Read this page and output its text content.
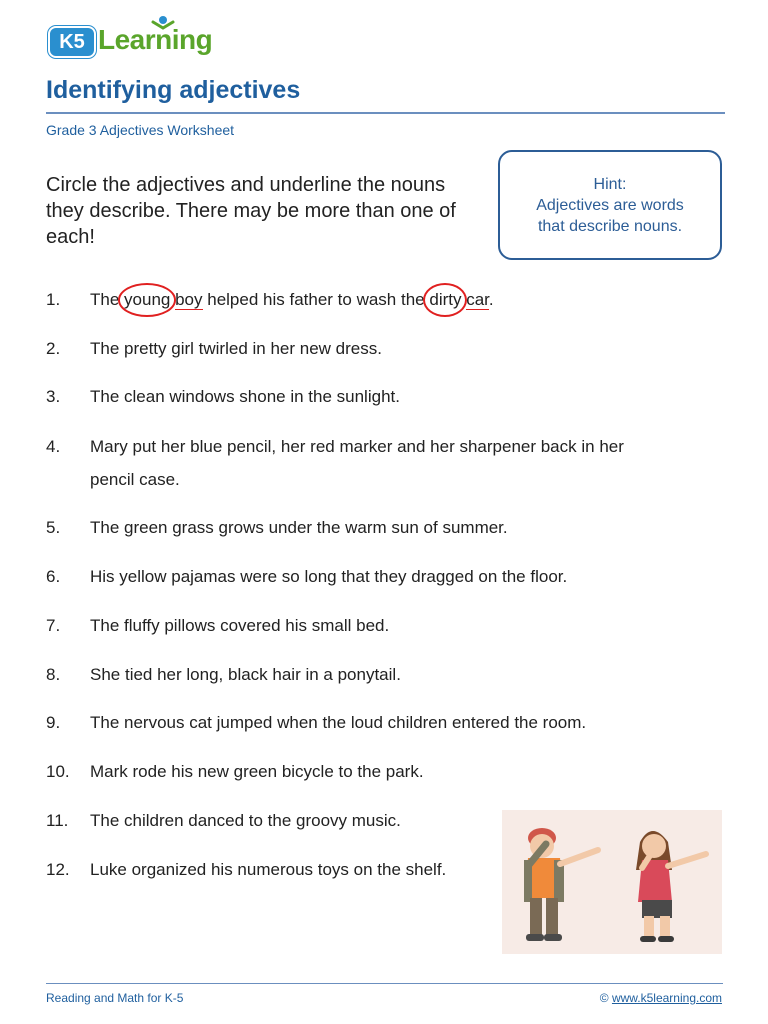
K5 Learning
Identifying adjectives
Grade 3 Adjectives Worksheet
Circle the adjectives and underline the nouns they describe. There may be more than one of each!
Hint:
Adjectives are words
that describe nouns.
1.	The young boy helped his father to wash the dirty car.
2.	The pretty girl twirled in her new dress.
3.	The clean windows shone in the sunlight.
4.	Mary put her blue pencil, her red marker and her sharpener back in her
pencil case.
5.	The green grass grows under the warm sun of summer.
6.	His yellow pajamas were so long that they dragged on the floor.
7.	The fluffy pillows covered his small bed.
8.	She tied her long, black hair in a ponytail.
9.	The nervous cat jumped when the loud children entered the room.
10.	Mark rode his new green bicycle to the park.
11.	The children danced to the groovy music.
12.	Luke organized his numerous toys on the shelf.
Reading and Math for K-5	© www.k5learning.com
